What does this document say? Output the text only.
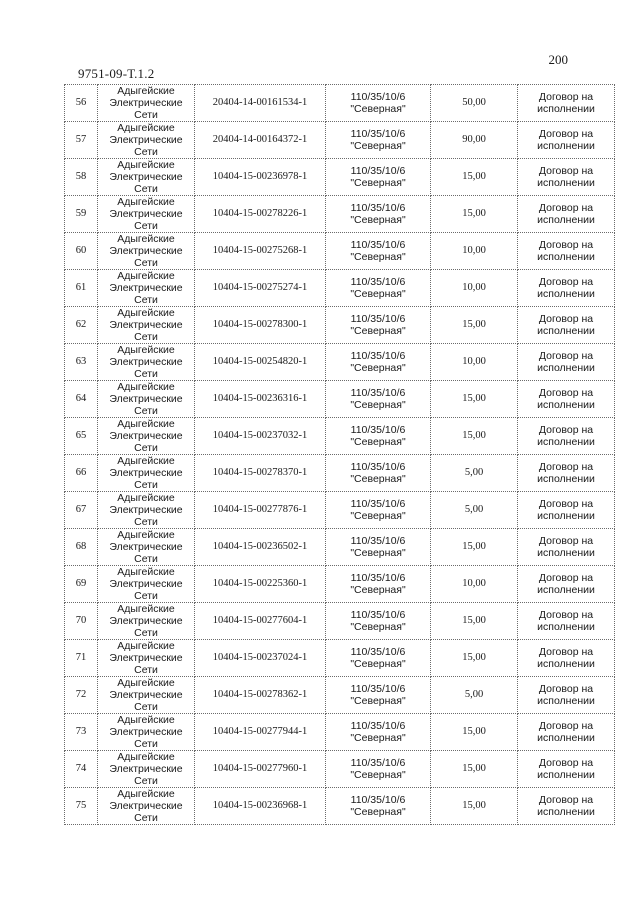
200
9751-09-Т.1.2
56	Адыгейские
Электрические
Сети	20404-14-00161534-1	110/35/10/6
"Северная"	50,00	Договор на
исполнении

57	Адыгейские
Электрические
Сети	20404-14-00164372-1	110/35/10/6
"Северная"	90,00	Договор на
исполнении

58	Адыгейские
Электрические
Сети	10404-15-00236978-1	110/35/10/6
"Северная"	15,00	Договор на
исполнении

59	Адыгейские
Электрические
Сети	10404-15-00278226-1	110/35/10/6
"Северная"	15,00	Договор на
исполнении

60	Адыгейские
Электрические
Сети	10404-15-00275268-1	110/35/10/6
"Северная"	10,00	Договор на
исполнении

61	Адыгейские
Электрические
Сети	10404-15-00275274-1	110/35/10/6
"Северная"	10,00	Договор на
исполнении

62	Адыгейские
Электрические
Сети	10404-15-00278300-1	110/35/10/6
"Северная"	15,00	Договор на
исполнении

63	Адыгейские
Электрические
Сети	10404-15-00254820-1	110/35/10/6
"Северная"	10,00	Договор на
исполнении

64	Адыгейские
Электрические
Сети	10404-15-00236316-1	110/35/10/6
"Северная"	15,00	Договор на
исполнении

65	Адыгейские
Электрические
Сети	10404-15-00237032-1	110/35/10/6
"Северная"	15,00	Договор на
исполнении

66	Адыгейские
Электрические
Сети	10404-15-00278370-1	110/35/10/6
"Северная"	5,00	Договор на
исполнении

67	Адыгейские
Электрические
Сети	10404-15-00277876-1	110/35/10/6
"Северная"	5,00	Договор на
исполнении

68	Адыгейские
Электрические
Сети	10404-15-00236502-1	110/35/10/6
"Северная"	15,00	Договор на
исполнении

69	Адыгейские
Электрические
Сети	10404-15-00225360-1	110/35/10/6
"Северная"	10,00	Договор на
исполнении

70	Адыгейские
Электрические
Сети	10404-15-00277604-1	110/35/10/6
"Северная"	15,00	Договор на
исполнении

71	Адыгейские
Электрические
Сети	10404-15-00237024-1	110/35/10/6
"Северная"	15,00	Договор на
исполнении

72	Адыгейские
Электрические
Сети	10404-15-00278362-1	110/35/10/6
"Северная"	5,00	Договор на
исполнении

73	Адыгейские
Электрические
Сети	10404-15-00277944-1	110/35/10/6
"Северная"	15,00	Договор на
исполнении

74	Адыгейские
Электрические
Сети	10404-15-00277960-1	110/35/10/6
"Северная"	15,00	Договор на
исполнении

75	Адыгейские
Электрические
Сети	10404-15-00236968-1	110/35/10/6
"Северная"	15,00	Договор на
исполнении
